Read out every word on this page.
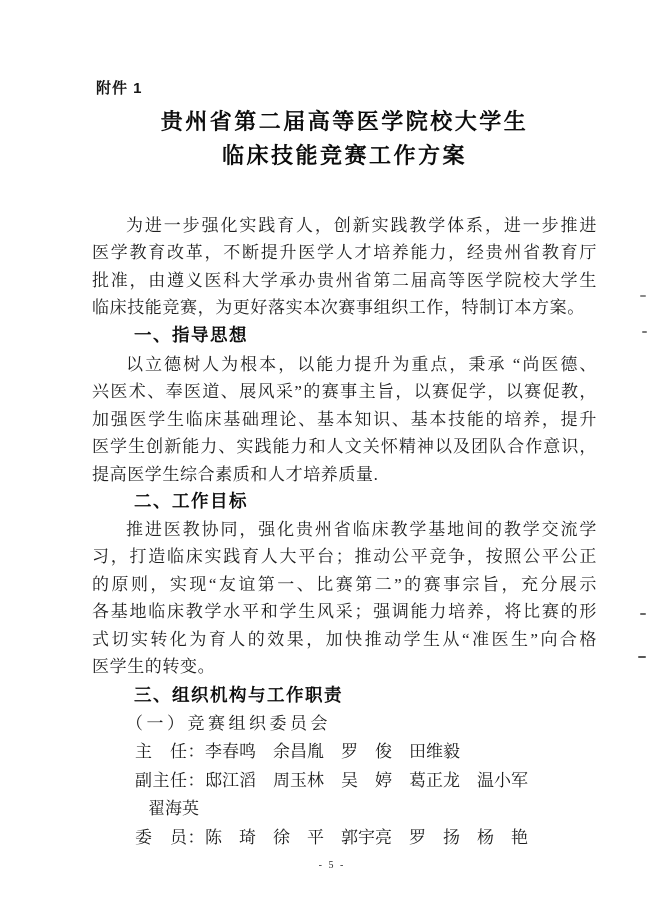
附件 1
贵州省第二届高等医学院校大学生
临床技能竞赛工作方案
为进一步强化实践育人，创新实践教学体系，进一步推进
医学教育改革，不断提升医学人才培养能力，经贵州省教育厅
批准，由遵义医科大学承办贵州省第二届高等医学院校大学生
临床技能竞赛，为更好落实本次赛事组织工作，特制订本方案。
一、指导思想
以立德树人为根本，以能力提升为重点，秉承 “尚医德、
兴医术、奉医道、展风采”的赛事主旨，以赛促学，以赛促教，
加强医学生临床基础理论、基本知识、基本技能的培养，提升
医学生创新能力、实践能力和人文关怀精神以及团队合作意识，
提高医学生综合素质和人才培养质量.
二、工作目标
推进医教协同，强化贵州省临床教学基地间的教学交流学
习，打造临床实践育人大平台；推动公平竞争，按照公平公正
的原则，实现“友谊第一、比赛第二”的赛事宗旨，充分展示
各基地临床教学水平和学生风采；强调能力培养，将比赛的形
式切实转化为育人的效果，加快推动学生从“准医生”向合格
医学生的转变。
三、组织机构与工作职责
（一）竞赛组织委员会
主　任：李春鸣　余昌胤　罗　俊　田维毅
副主任：邸江滔　周玉林　吴　婷　葛正龙　温小军
翟海英
委　员：陈　琦　徐　平　郭宇亮　罗　扬　杨　艳
- 5 -
